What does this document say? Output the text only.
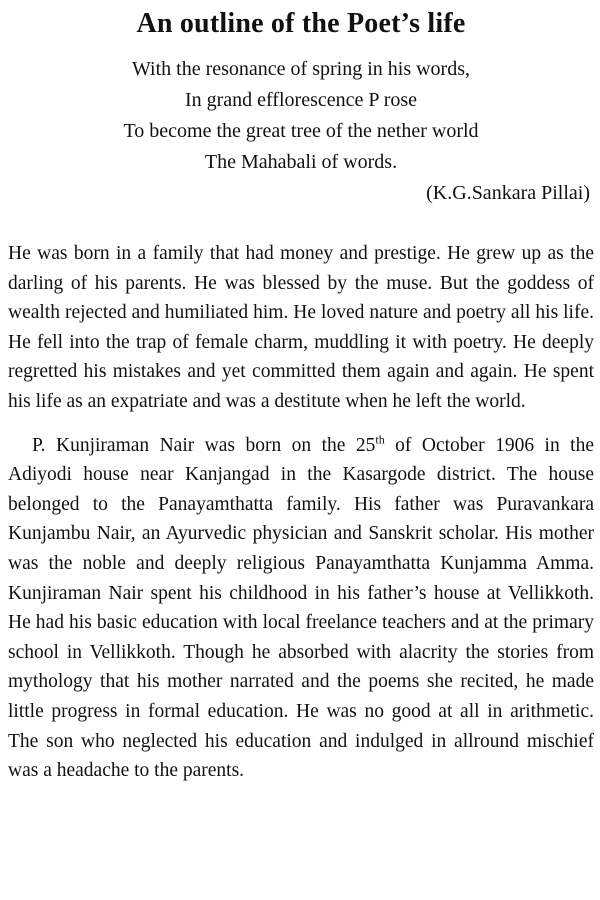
An outline of the Poet’s life
With the resonance of spring in his words,
In grand efflorescence P rose
To become the great tree of the nether world
The Mahabali of words.

(K.G.Sankara Pillai)

He was born in a family that had money and prestige. He grew up as the darling of his parents. He was blessed by the muse. But the goddess of wealth rejected and humiliated him. He loved nature and poetry all his life. He fell into the trap of female charm, muddling it with poetry. He deeply regretted his mistakes and yet committed them again and again. He spent his life as an expatriate and was a destitute when he left the world.

P. Kunjiraman Nair was born on the 25th of October 1906 in the Adiyodi house near Kanjangad in the Kasargode district. The house belonged to the Panayamthatta family. His father was Puravankara Kunjambu Nair, an Ayurvedic physician and Sanskrit scholar. His mother was the noble and deeply religious Panayamthatta Kunjamma Amma. Kunjiraman Nair spent his childhood in his father’s house at Vellikkoth. He had his basic education with local freelance teachers and at the primary school in Vellikkoth. Though he absorbed with alacrity the stories from mythology that his mother narrated and the poems she recited, he made little progress in formal education. He was no good at all in arithmetic. The son who neglected his education and indulged in allround mischief was a headache to the parents.
